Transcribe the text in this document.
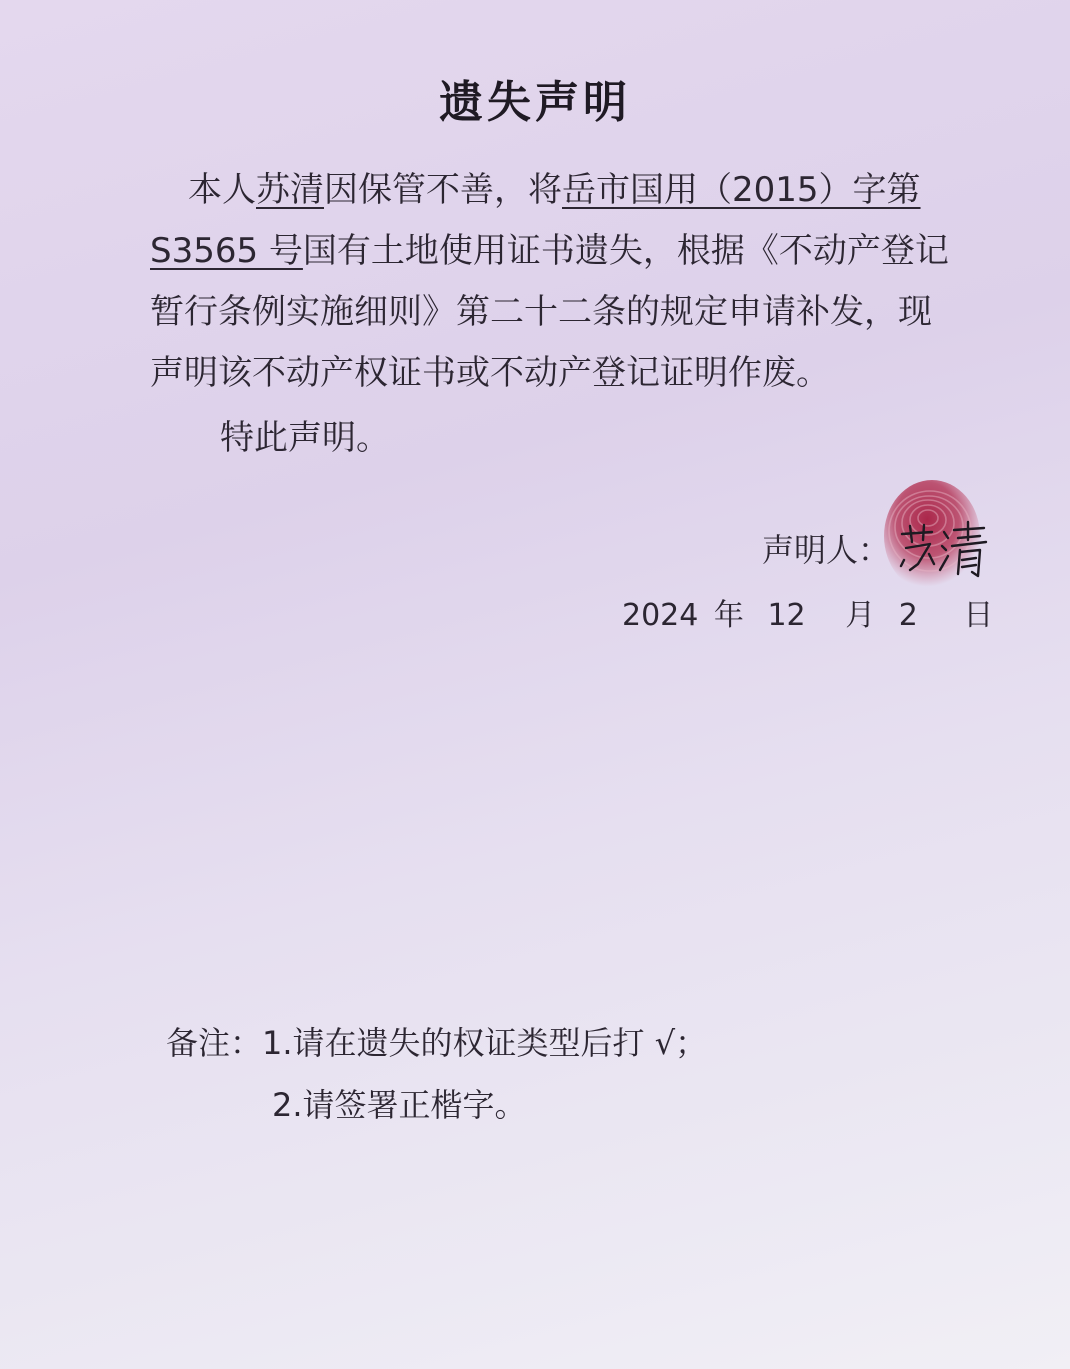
遗失声明
本人苏清因保管不善，将岳市国用（2015）字第
S3565 号国有土地使用证书遗失，根据《不动产登记
暂行条例实施细则》第二十二条的规定申请补发，现
声明该不动产权证书或不动产登记证明作废。
特此声明。
声明人：
2024 年 12 月 2 日
备注：1.请在遗失的权证类型后打 √；
2.请签署正楷字。
